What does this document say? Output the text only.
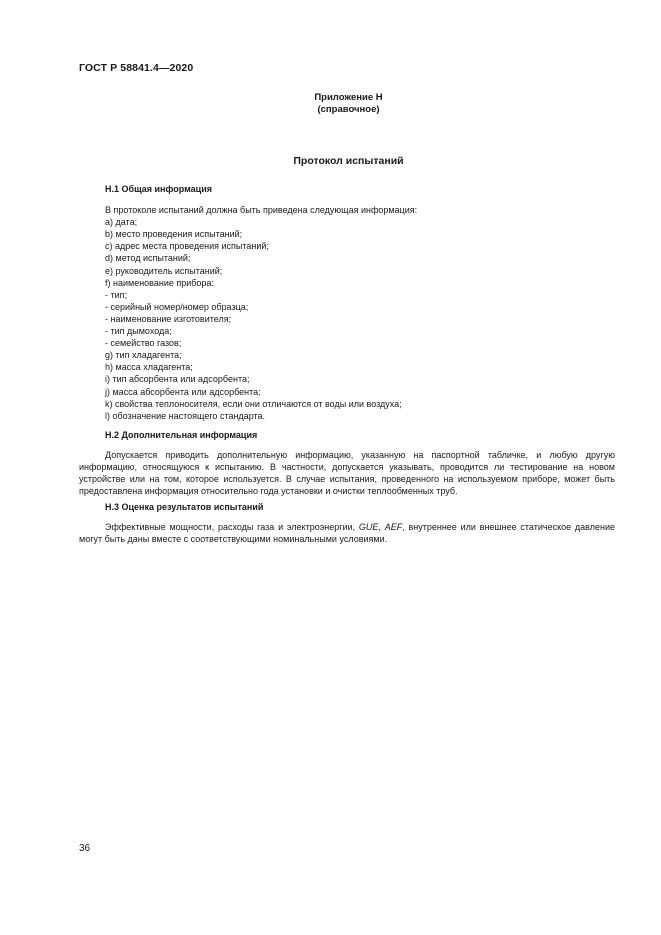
ГОСТ Р 58841.4—2020
Приложение Н
(справочное)
Протокол испытаний

Н.1 Общая информация

В протоколе испытаний должна быть приведена следующая информация:

a) дата;
b) место проведения испытаний;
c) адрес места проведения испытаний;
d) метод испытаний;
e) руководитель испытаний;
f) наименование прибора:
- тип;
- серийный номер/номер образца;
- наименование изготовителя;
- тип дымохода;
- семейство газов;
g) тип хладагента;
h) масса хладагента;
i) тип абсорбента или адсорбента;
j) масса абсорбента или адсорбента;
k) свойства теплоносителя, если они отличаются от воды или воздуха;
l) обозначение настоящего стандарта.

Н.2 Дополнительная информация

Допускается приводить дополнительную информацию, указанную на паспортной табличке, и любую другую информацию, относящуюся к испытанию. В частности, допускается указывать, проводится ли тестирование на новом устройстве или на том, которое используется. В случае испытания, проведенного на используемом приборе, может быть предоставлена информация относительно года установки и очистки теплообменных труб.

Н.3 Оценка результатов испытаний

Эффективные мощности, расходы газа и электроэнергии, GUE, AEF, внутреннее или внешнее статическое давление могут быть даны вместе с соответствующими номинальными условиями.

36
